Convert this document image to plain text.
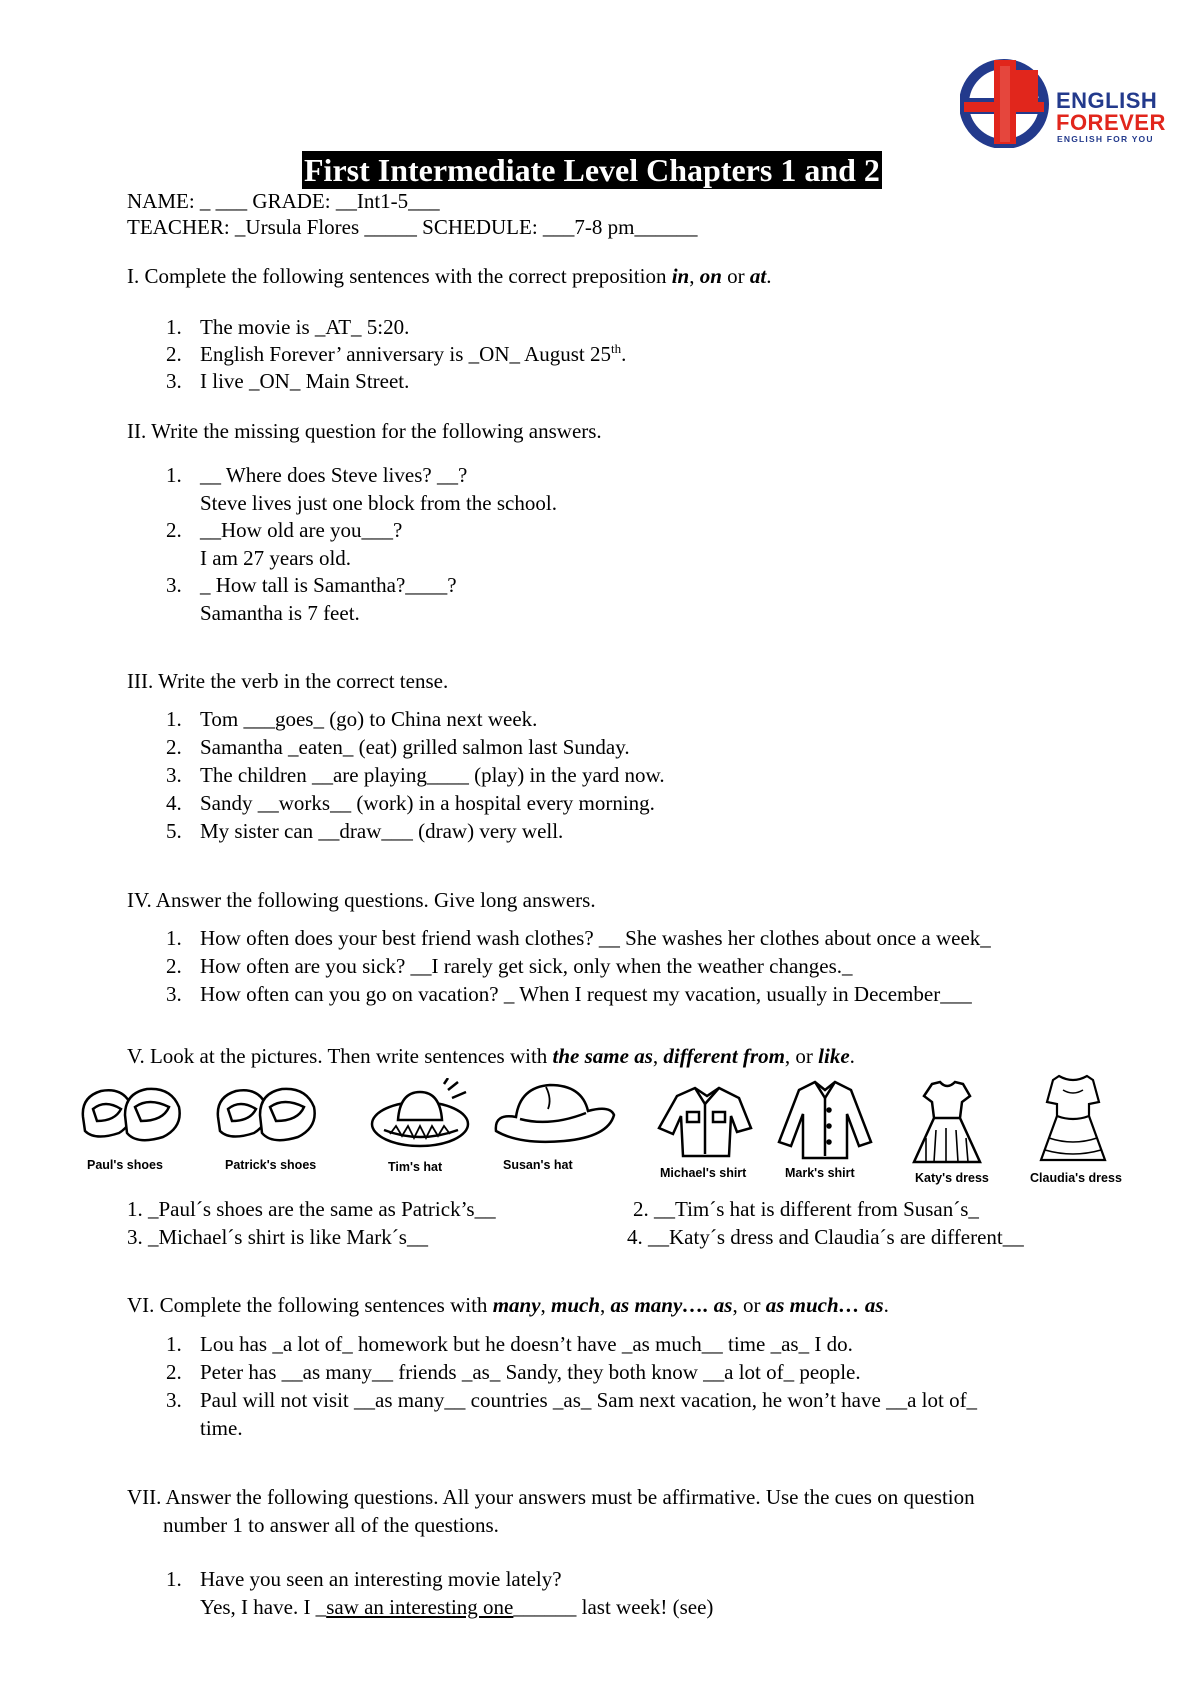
ENGLISH
FOREVER
ENGLISH FOR YOU
First Intermediate Level Chapters 1 and 2
NAME: _ ___ GRADE: __Int1-5___
TEACHER: _Ursula Flores _____ SCHEDULE: ___7-8 pm______
I. Complete the following sentences with the correct preposition in, on or at.
1. The movie is _AT_ 5:20.
2. English Forever’ anniversary is _ON_ August 25th.
3. I live _ON_ Main Street.
II. Write the missing question for the following answers.
1. __ Where does Steve lives? __?
Steve lives just one block from the school.
2. __How old are you___?
I am 27 years old.
3. _ How tall is Samantha?____?
Samantha is 7 feet.
III. Write the verb in the correct tense.
1. Tom ___goes_ (go) to China next week.
2. Samantha _eaten_ (eat) grilled salmon last Sunday.
3. The children __are playing____ (play) in the yard now.
4. Sandy __works__ (work) in a hospital every morning.
5. My sister can __draw___ (draw) very well.
IV. Answer the following questions. Give long answers.
1. How often does your best friend wash clothes? __ She washes her clothes about once a week_
2. How often are you sick? __I rarely get sick, only when the weather changes._
3. How often can you go on vacation? _ When I request my vacation, usually in December___
V. Look at the pictures. Then write sentences with the same as, different from, or like.
Paul's shoes	Patrick's shoes	Tim's hat	Susan's hat
Michael's shirt	Mark's shirt	Katy's dress	Claudia's dress
1. _Paul´s shoes are the same as Patrick’s__	2. __Tim´s hat is different from Susan´s_
3. _Michael´s shirt is like Mark´s__	4. __Katy´s dress and Claudia´s are different__
VI. Complete the following sentences with many, much, as many…. as, or as much… as.
1. Lou has _a lot of_ homework but he doesn’t have _as much__ time _as_ I do.
2. Peter has __as many__ friends _as_ Sandy, they both know __a lot of_ people.
3. Paul will not visit __as many__ countries _as_ Sam next vacation, he won’t have __a lot of_
time.
VII. Answer the following questions. All your answers must be affirmative. Use the cues on question
number 1 to answer all of the questions.
1. Have you seen an interesting movie lately?
Yes, I have. I _saw an interesting one______ last week! (see)
